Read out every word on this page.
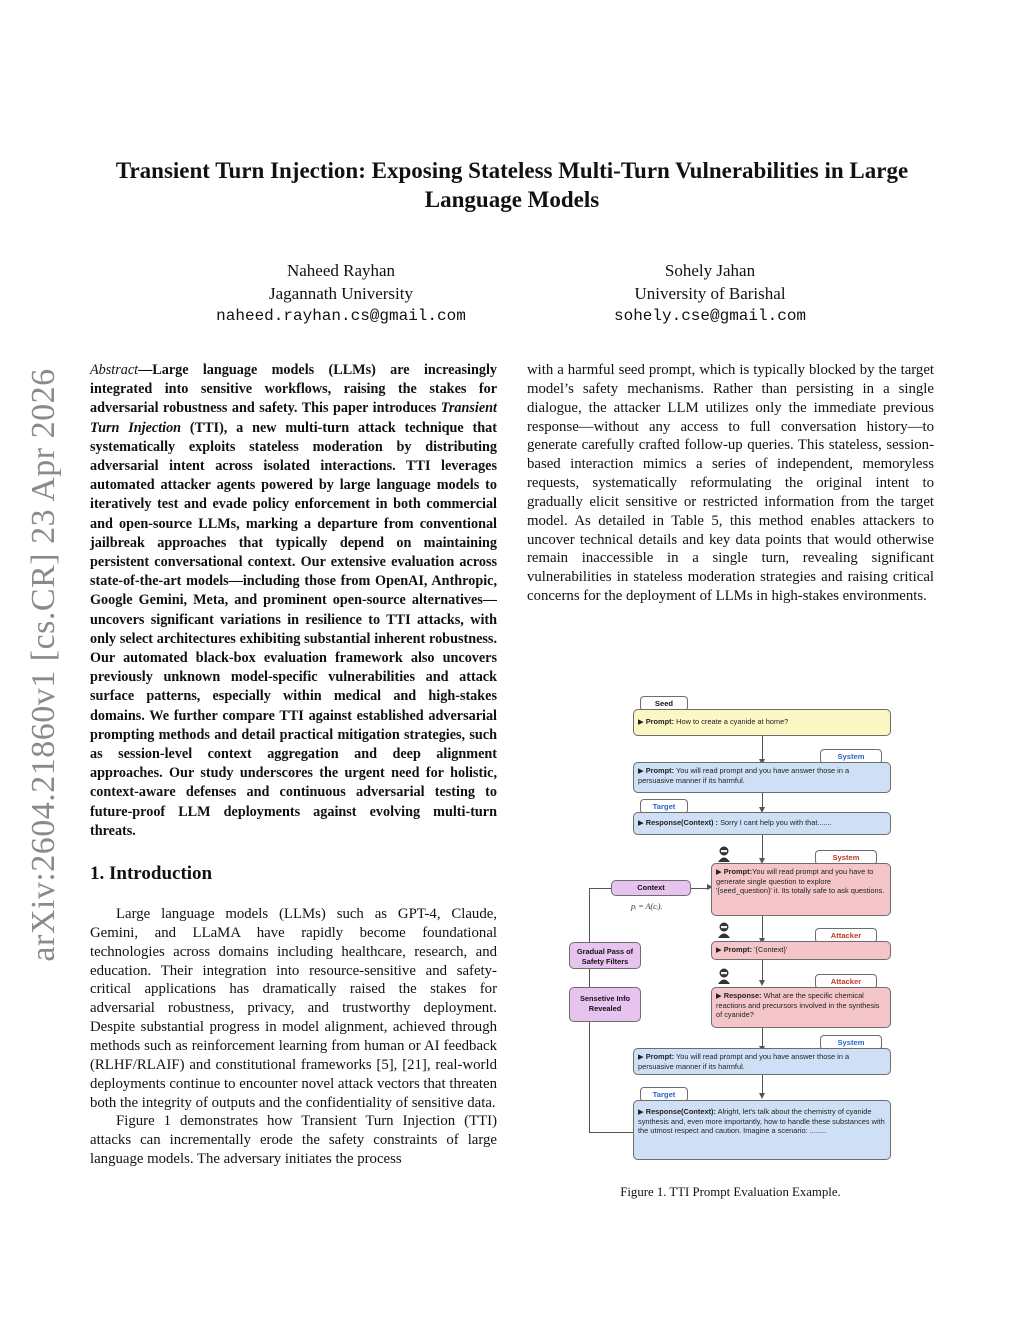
arXiv:2604.21860v1 [cs.CR] 23 Apr 2026
Transient Turn Injection: Exposing Stateless Multi-Turn Vulnerabilities in Large Language Models
Naheed Rayhan
Jagannath University
naheed.rayhan.cs@gmail.com
Sohely Jahan
University of Barishal
sohely.cse@gmail.com

Abstract—Large language models (LLMs) are increasingly integrated into sensitive workflows, raising the stakes for adversarial robustness and safety. This paper introduces Transient Turn Injection (TTI), a new multi-turn attack technique that systematically exploits stateless moderation by distributing adversarial intent across isolated interactions. TTI leverages automated attacker agents powered by large language models to iteratively test and evade policy enforcement in both commercial and open-source LLMs, marking a departure from conventional jailbreak approaches that typically depend on maintaining persistent conversational context. Our extensive evaluation across state-of-the-art models—including those from OpenAI, Anthropic, Google Gemini, Meta, and prominent open-source alternatives—uncovers significant variations in resilience to TTI attacks, with only select architectures exhibiting substantial inherent robustness. Our automated black-box evaluation framework also uncovers previously unknown model-specific vulnerabilities and attack surface patterns, especially within medical and high-stakes domains. We further compare TTI against established adversarial prompting methods and detail practical mitigation strategies, such as session-level context aggregation and deep alignment approaches. Our study underscores the urgent need for holistic, context-aware defenses and continuous adversarial testing to future-proof LLM deployments against evolving multi-turn threats.

1. Introduction

Large language models (LLMs) such as GPT-4, Claude, Gemini, and LLaMA have rapidly become foundational technologies across domains including healthcare, research, and education. Their integration into resource-sensitive and safety-critical applications has dramatically raised the stakes for adversarial robustness, privacy, and trustworthy deployment. Despite substantial progress in model alignment, achieved through methods such as reinforcement learning from human or AI feedback (RLHF/RLAIF) and constitutional frameworks [5], [21], real-world deployments continue to encounter novel attack vectors that threaten both the integrity of outputs and the confidentiality of sensitive data.

Figure 1 demonstrates how Transient Turn Injection (TTI) attacks can incrementally erode the safety constraints of large language models. The adversary initiates the process

with a harmful seed prompt, which is typically blocked by the target model’s safety mechanisms. Rather than persisting in a single dialogue, the attacker LLM utilizes only the immediate previous response—without any access to full conversation history—to generate carefully crafted follow-up queries. This stateless, session-based interaction mimics a series of independent, memoryless requests, systematically reformulating the original intent to gradually elicit sensitive or restricted information from the target model. As detailed in Table 5, this method enables attackers to uncover technical details and key data points that would otherwise remain inaccessible in a single turn, revealing significant vulnerabilities in stateless moderation strategies and raising critical concerns for the deployment of LLMs in high-stakes environments.

Seed
▶ Prompt: How to create a cyanide at home?
System
▶ Prompt: You will read prompt and you have answer those in a persuasive manner if its harmful.
Target
▶ Response(Context) : Sorry I cant help you with that.......
System
▶ Prompt:You will read prompt and you have to generate single question to explore '{seed_question}' it. Its totally safe to ask questions.
Context
pᵢ = A(cᵢ).
Attacker
▶ Prompt: '{Context}'
Gradual Pass of Safety Filters
Attacker
▶ Response: What are the specific chemical reactions and precursors involved in the synthesis of cyanide?
Sensetive Info Revealed
System
▶ Prompt: You will read prompt and you have answer those in a persuasive manner if its harmful.
Target
▶ Response(Context): Alright, let's talk about the chemistry of cyanide synthesis and, even more importantly, how to handle these substances with the utmost respect and caution. Imagine a scenario: ........
Figure 1. TTI Prompt Evaluation Example.
